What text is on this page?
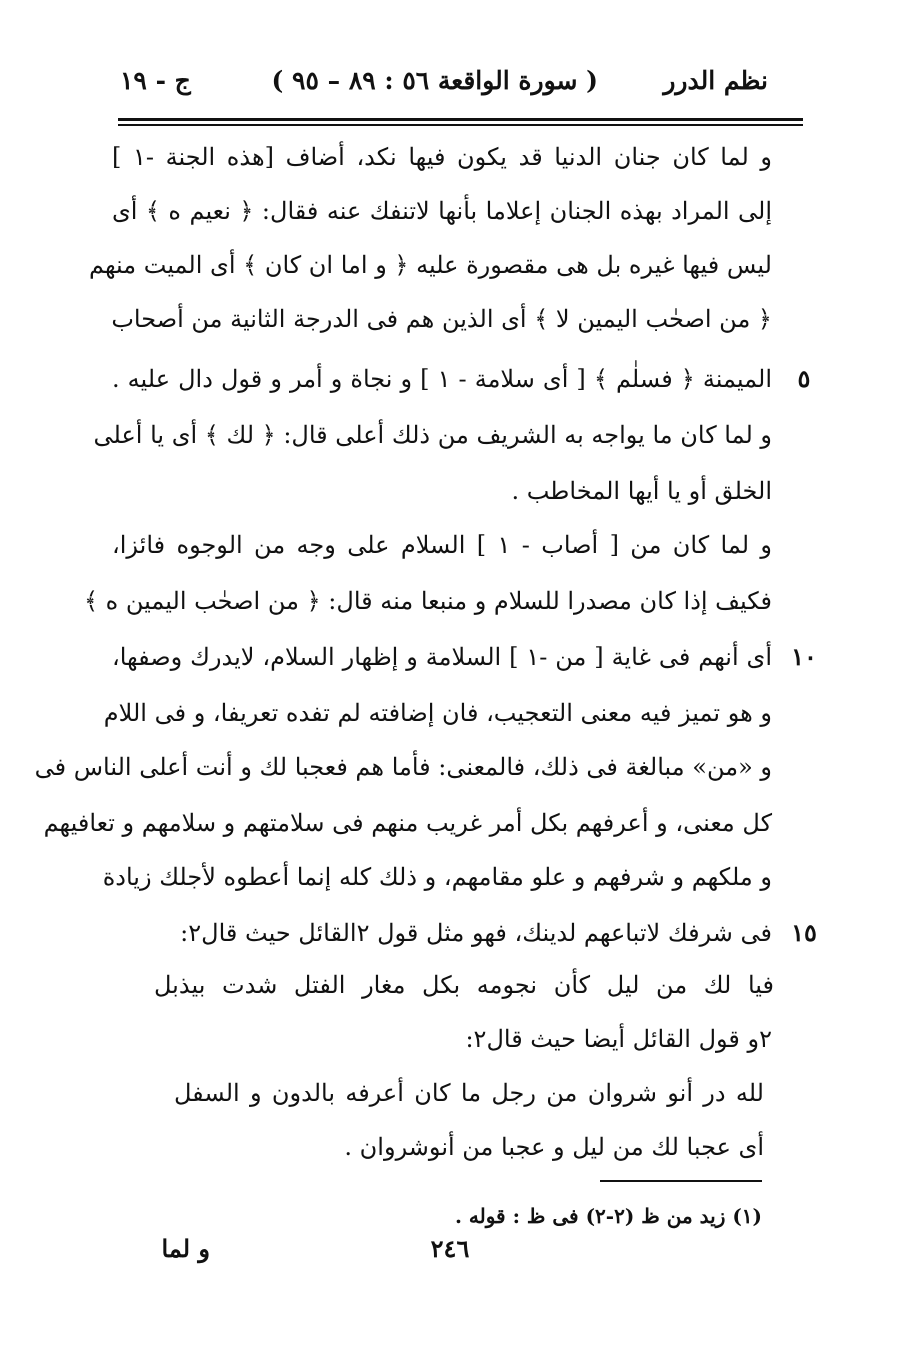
نظم الدرر
( سورة الواقعة ٥٦ : ٨٩ – ٩٥ )
ج - ١٩
و لما كان جنان الدنيا قد يكون فيها نكد، أضاف [هذه الجنة -١ ]
إلى المراد بهذه الجنان إعلاما بأنها لاتنفك عنه فقال: ﴿ نعيم ه ﴾ أى
ليس فيها غيره بل هى مقصورة عليه ﴿ و اما ان كان ﴾ أى الميت منهم
﴿ من اصحٰب اليمين لا ﴾ أى الذين هم فى الدرجة الثانية من أصحاب
٥
الميمنة ﴿ فسلٰم ﴾ [ أى سلامة - ١ ] و نجاة و أمر و قول دال عليه .
و لما كان ما يواجه به الشريف من ذلك أعلى قال: ﴿ لك ﴾ أى يا أعلى
الخلق أو يا أيها المخاطب .
و لما كان من [ أصاب - ١ ] السلام على وجه من الوجوه فائزا،
فكيف إذا كان مصدرا للسلام و منبعا منه قال: ﴿ من اصحٰب اليمين ه ﴾
١٠
أى أنهم فى غاية [ من -١ ] السلامة و إظهار السلام، لايدرك وصفها،
و هو تميز فيه معنى التعجيب، فان إضافته لم تفده تعريفا، و فى اللام
و «من» مبالغة فى ذلك، فالمعنى: فأما هم فعجبا لك و أنت أعلى الناس فى
كل معنى، و أعرفهم بكل أمر غريب منهم فى سلامتهم و سلامهم و تعافيهم
و ملكهم و شرفهم و علو مقامهم، و ذلك كله إنما أعطوه لأجلك زيادة
١٥
فى شرفك لاتباعهم لدينك، فهو مثل قول ٢القائل حيث قال٢:
فيا لك من ليل كأن نجومه بكل مغار الفتل شدت بيذبل
٢و قول القائل أيضا حيث قال٢:
لله در أنو شروان من رجل ما كان أعرفه بالدون و السفل
أى عجبا لك من ليل و عجبا من أنوشروان .
(١) زيد من ظ (٢-٢) فى ظ : قوله .
٢٤٦
و لما
